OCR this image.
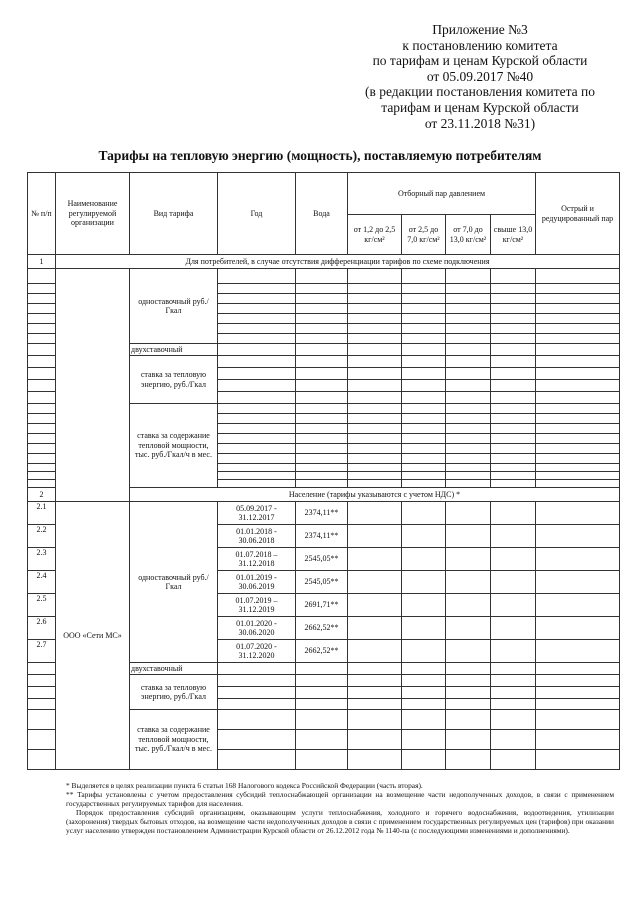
Приложение №3
к постановлению комитета
по тарифам и ценам Курской области
от 05.09.2017 №40
(в редакции постановления комитета по
тарифам и ценам Курской области
от 23.11.2018 №31)
Тарифы на тепловую энергию (мощность), поставляемую потребителям
№ п/п	Наименование регулируемой организации	Вид тарифа	Год	Вода	Отборный пар давлением				Острый и редуцированный пар
					от 1,2 до 2,5 кг/см²	от 2,5 до 7,0 кг/см²	от 7,0 до 13,0 кг/см²	свыше 13,0 кг/см²	
1	Для потребителей, в случае отсутствия дифференциации тарифов по схеме подключения								
		одноставочный руб./Гкал							

		двухставочный							
		ставка за тепловую энергию, руб./Гкал							

		ставка за содержание тепловой мощности, тыс. руб./Гкал/ч в мес.							

2		Население (тарифы указываются с учетом НДС) *							
2.1	ООО «Сети МС»	одноставочный руб./Гкал	05.09.2017 - 31.12.2017	2374,11**					
2.2			01.01.2018 - 30.06.2018	2374,11**					
2.3			01.07.2018 – 31.12.2018	2545,05**					
2.4			01.01.2019 - 30.06.2019	2545,05**					
2.5			01.07.2019 – 31.12.2019	2691,71**					
2.6			01.01.2020 - 30.06.2020	2662,52**					
2.7			01.07.2020 - 31.12.2020	2662,52**					
		двухставочный							
		ставка за тепловую энергию, руб./Гкал							

		ставка за содержание тепловой мощности, тыс. руб./Гкал/ч в мес.							

* Выделяется в целях реализации пункта 6 статьи 168 Налогового кодекса Российской Федерации (часть вторая).

** Тарифы установлены с учетом предоставления субсидий теплоснабжающей организации на возмещение части недополученных доходов, в связи с применением государственных регулируемых тарифов для населения.

Порядок предоставления субсидий организациям, оказывающим услуги теплоснабжения, холодного и горячего водоснабжения, водоотведения, утилизации (захоронения) твердых бытовых отходов, на возмещение части недополученных доходов в связи с применением государственных регулируемых цен (тарифов) при оказании услуг населению утвержден постановлением Администрации Курской области от 26.12.2012 года № 1140-па (с последующими изменениями и дополнениями).
